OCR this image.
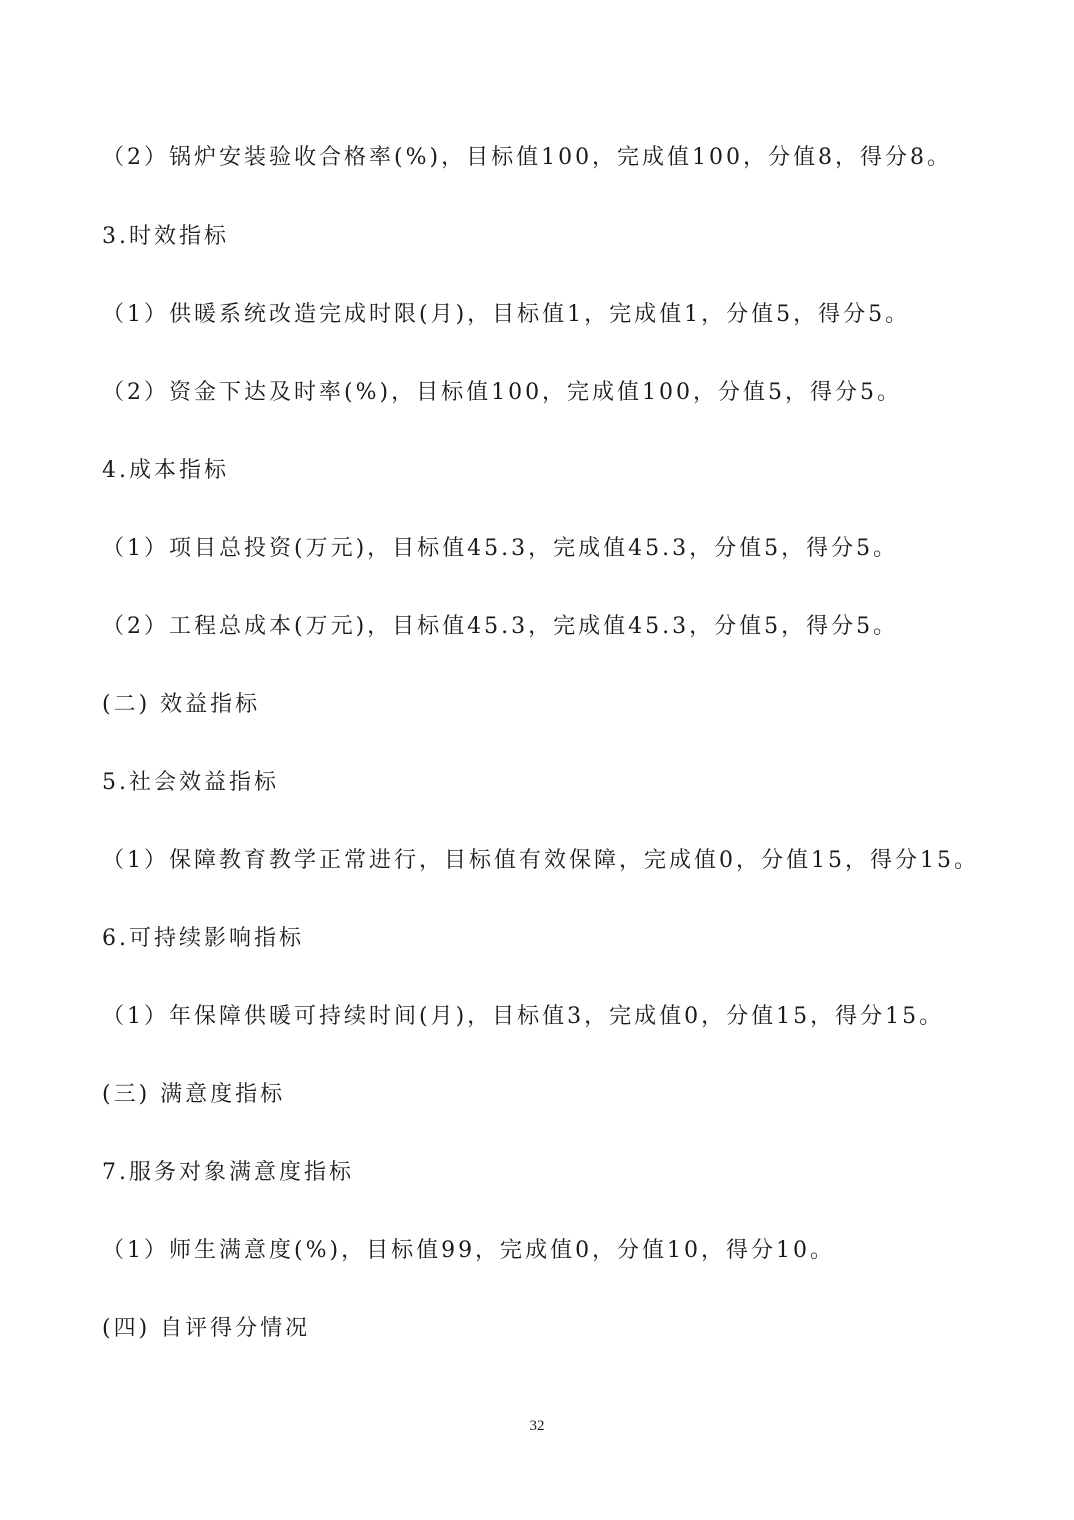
（2）锅炉安装验收合格率(%)，目标值100，完成值100，分值8，得分8。
3.时效指标
（1）供暖系统改造完成时限(月)，目标值1，完成值1，分值5，得分5。
（2）资金下达及时率(%)，目标值100，完成值100，分值5，得分5。
4.成本指标
（1）项目总投资(万元)，目标值45.3，完成值45.3，分值5，得分5。
（2）工程总成本(万元)，目标值45.3，完成值45.3，分值5，得分5。
(二) 效益指标
5.社会效益指标
（1）保障教育教学正常进行，目标值有效保障，完成值0，分值15，得分15。
6.可持续影响指标
（1）年保障供暖可持续时间(月)，目标值3，完成值0，分值15，得分15。
(三) 满意度指标
7.服务对象满意度指标
（1）师生满意度(%)，目标值99，完成值0，分值10，得分10。
(四) 自评得分情况
32
